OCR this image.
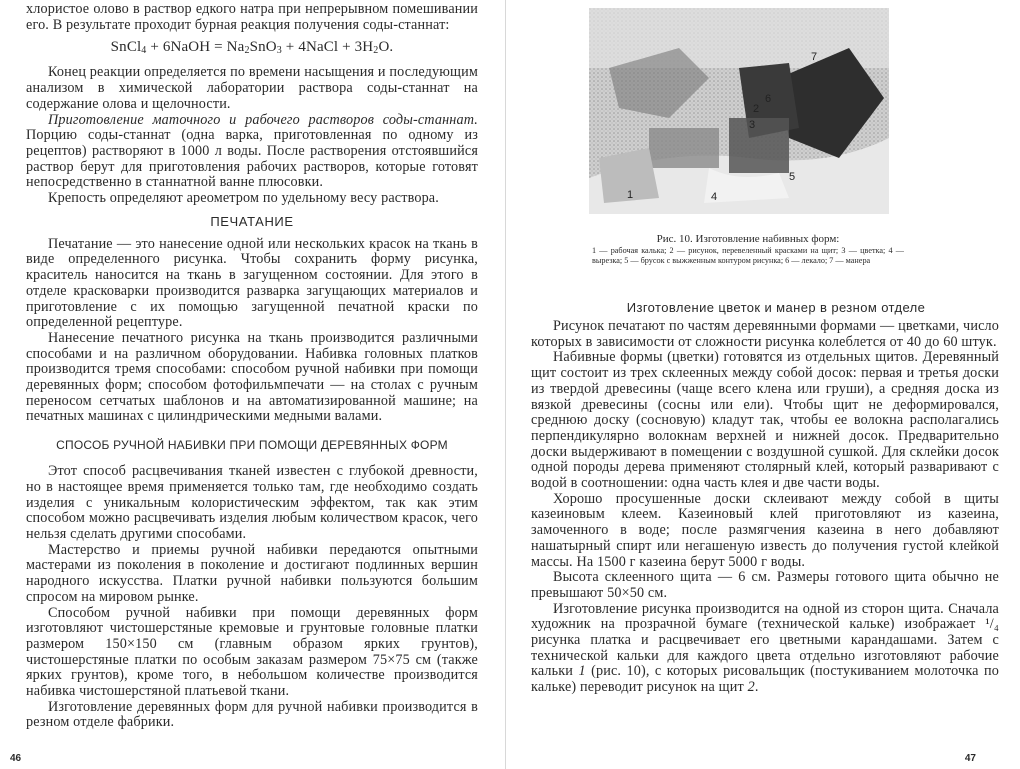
хлористое олово в раствор едкого натра при непрерывном помешивании его. В результате проходит бурная реакция получения соды-станнат:

SnCl$_4$ + 6NaOH = $Na_2SnO_3$ + 4NaCl + $3H_2O$.

Конец реакции определяется по времени насыщения и последующим анализом в химической лаборатории раствора соды-станнат на содержание олова и щелочности.

Приготовление маточного и рабочего растворов соды-станнат. Порцию соды-станнат (одна варка, приготовленная по одному из рецептов) растворяют в 1000 л воды. После растворения отстоявшийся раствор берут для приготовления рабочих растворов, которые готовят непосредственно в станнатной ванне плюсовки.

Крепость определяют ареометром по удельному весу раствора.

ПЕЧАТАНИЕ

Печатание — это нанесение одной или нескольких красок на ткань в виде определенного рисунка. Чтобы сохранить форму рисунка, краситель наносится на ткань в загущенном состоянии. Для этого в отделе красковарки производится разварка загущающих материалов и приготовление с их помощью загущенной печатной краски по определенной рецептуре.

Нанесение печатного рисунка на ткань производится различными способами и на различном оборудовании. Набивка головных платков производится тремя способами: способом ручной набивки при помощи деревянных форм; способом фотофильмпечати — на столах с ручным переносом сетчатых шаблонов и на автоматизированной машине; на печатных машинах с цилиндрическими медными валами.

СПОСОБ РУЧНОЙ НАБИВКИ ПРИ ПОМОЩИ ДЕРЕВЯННЫХ ФОРМ

Этот способ расцвечивания тканей известен с глубокой древности, но в настоящее время применяется только там, где необходимо создать изделия с уникальным колористическим эффектом, так как этим способом можно расцвечивать изделия любым количеством красок, чего нельзя сделать другими способами.

Мастерство и приемы ручной набивки передаются опытными мастерами из поколения в поколение и достигают подлинных вершин народного искусства. Платки ручной набивки пользуются большим спросом на мировом рынке.

Способом ручной набивки при помощи деревянных форм изготовляют чистошерстяные кремовые и грунтовые головные платки размером 150×150 см (главным образом ярких грунтов), чистошерстяные платки по особым заказам размером 75×75 см (также ярких грунтов), кроме того, в небольшом количестве производится набивка чистошерстяной платьевой ткани.

Изготовление деревянных форм для ручной набивки производится в резном отделе фабрики.

46
7
6
2
3
1	4
5
Рис. 10. Изготовление набивных форм:
1 — рабочая калька; 2 — рисунок, перевеленный красками на щит; 3 — цветка; 4 — вырезка; 5 — брусок с выжженным контуром рисунка; 6 — лекало; 7 — манера
Изготовление цветок и манер в резном отделе

Рисунок печатают по частям деревянными формами — цветками, число которых в зависимости от сложности рисунка колеблется от 40 до 60 штук.

Набивные формы (цветки) готовятся из отдельных щитов. Деревянный щит состоит из трех склеенных между собой досок: первая и третья доски из твердой древесины (чаще всего клена или груши), а средняя доска из вязкой древесины (сосны или ели). Чтобы щит не деформировался, среднюю доску (сосновую) кладут так, чтобы ее волокна располагались перпендикулярно волокнам верхней и нижней досок. Предварительно доски выдерживают в помещении с воздушной сушкой. Для склейки досок одной породы дерева применяют столярный клей, который разваривают с водой в соотношении: одна часть клея и две части воды.

Хорошо просушенные доски склеивают между собой в щиты казеиновым клеем. Казеиновый клей приготовляют из казеина, замоченного в воде; после размягчения казеина в него добавляют нашатырный спирт или негашеную известь до получения густой клейкой массы. На 1500 г казеина берут 5000 г воды.

Высота склеенного щита — 6 см. Размеры готового щита обычно не превышают 50×50 см.

Изготовление рисунка производится на одной из сторон щита. Сначала художник на прозрачной бумаге (технической кальке) изображает ¹/₄ рисунка платка и расцвечивает его цветными карандашами. Затем с технической кальки для каждого цвета отдельно изготовляют рабочие кальки 1 (рис. 10), с которых рисовальщик (постукиванием молоточка по кальке) переводит рисунок на щит 2.

47
